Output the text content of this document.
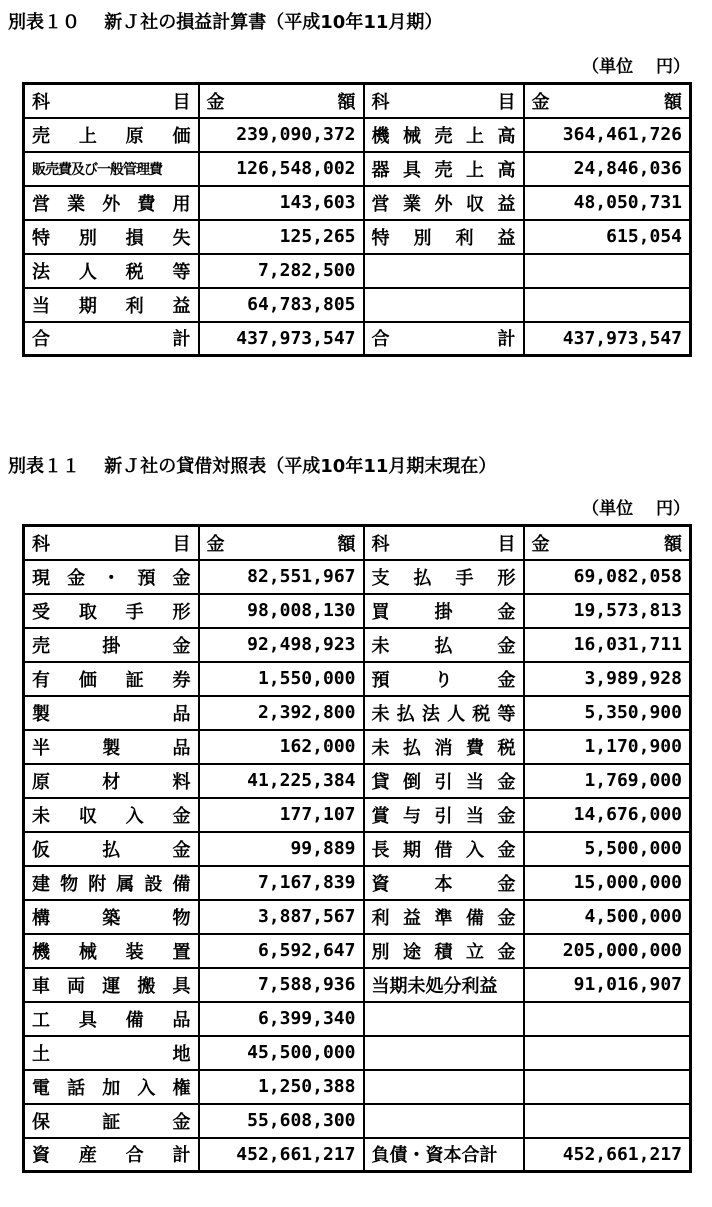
別表１０　 新Ｊ社の損益計算書（平成10年11月期）
（単位　 円）
科目	金額	科目	金額
売上原価	239,090,372	機械売上高	364,461,726
販売費及び一般管理費	126,548,002	器具売上高	24,846,036
営業外費用	143,603	営業外収益	48,050,731
特別損失	125,265	特別利益	615,054
法人税等	7,282,500		
当期利益	64,783,805		
合計	437,973,547	合計	437,973,547
別表１１　 新Ｊ社の貸借対照表（平成10年11月期末現在）
（単位　 円）
科目	金額	科目	金額
現金・預金	82,551,967	支払手形	69,082,058
受取手形	98,008,130	買掛金	19,573,813
売掛金	92,498,923	未払金	16,031,711
有価証券	1,550,000	預り金	3,989,928
製品	2,392,800	未払法人税等	5,350,900
半製品	162,000	未払消費税	1,170,900
原材料	41,225,384	貸倒引当金	1,769,000
未収入金	177,107	賞与引当金	14,676,000
仮払金	99,889	長期借入金	5,500,000
建物附属設備	7,167,839	資本金	15,000,000
構築物	3,887,567	利益準備金	4,500,000
機械装置	6,592,647	別途積立金	205,000,000
車両運搬具	7,588,936	当期未処分利益	91,016,907
工具備品	6,399,340		
土地	45,500,000		
電話加入権	1,250,388		
保証金	55,608,300		
資産合計	452,661,217	負債・資本合計	452,661,217
